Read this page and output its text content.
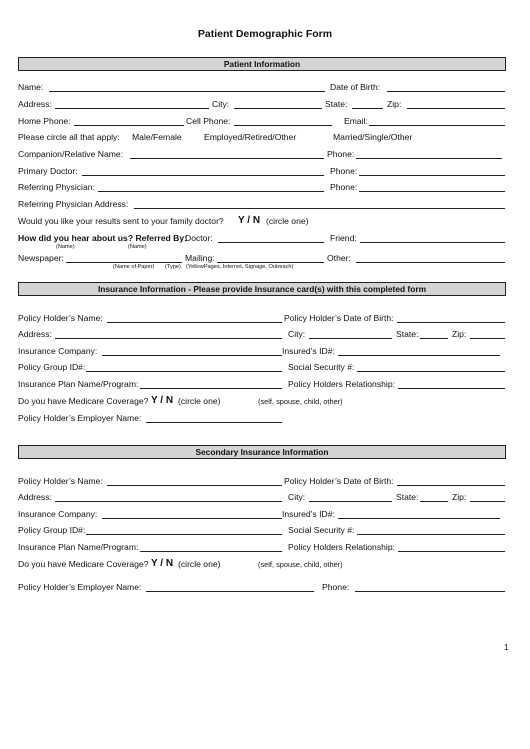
Patient Demographic Form
Patient Information
Name:	Date of Birth:
Address:	City:	State:	Zip:
Home Phone:	Cell Phone:	Email:
Please circle all that apply: Male/Female	Employed/Retired/Other	Married/Single/Other
Companion/Relative Name:	Phone:
Primary Doctor:	Phone:
Referring Physician:	Phone:
Referring Physician Address:
Would you like your results sent to your family doctor? Y / N (circle one)
How did you hear about us? Referred By:
Doctor:	Friend:
(Name)	(Name)
Newspaper:	Mailing:	Other:
(Name of Paper) (Type) (YellowPages, Internet, Signage, Outreach)
Insurance Information - Please provide Insurance card(s) with this completed form
Policy Holder’s Name:	Policy Holder’s Date of Birth:
Address:	City:	State:	Zip:
Insurance Company:	Insured’s ID#:
Policy Group ID#:	Social Security #:
Insurance Plan Name/Program:	Policy Holders Relationship:
Do you have Medicare Coverage? Y / N (circle one)	(self, spouse, child, other)
Policy Holder’s Employer Name:
Secondary Insurance Information
Policy Holder’s Name:	Policy Holder’s Date of Birth:
Address:	City:	State:	Zip:
Insurance Company:	Insured’s ID#:
Policy Group ID#:	Social Security #:
Insurance Plan Name/Program:	Policy Holders Relationship:
Do you have Medicare Coverage? Y / N (circle one)	(self, spouse, child, other)
Policy Holder’s Employer Name:	Phone:
1
